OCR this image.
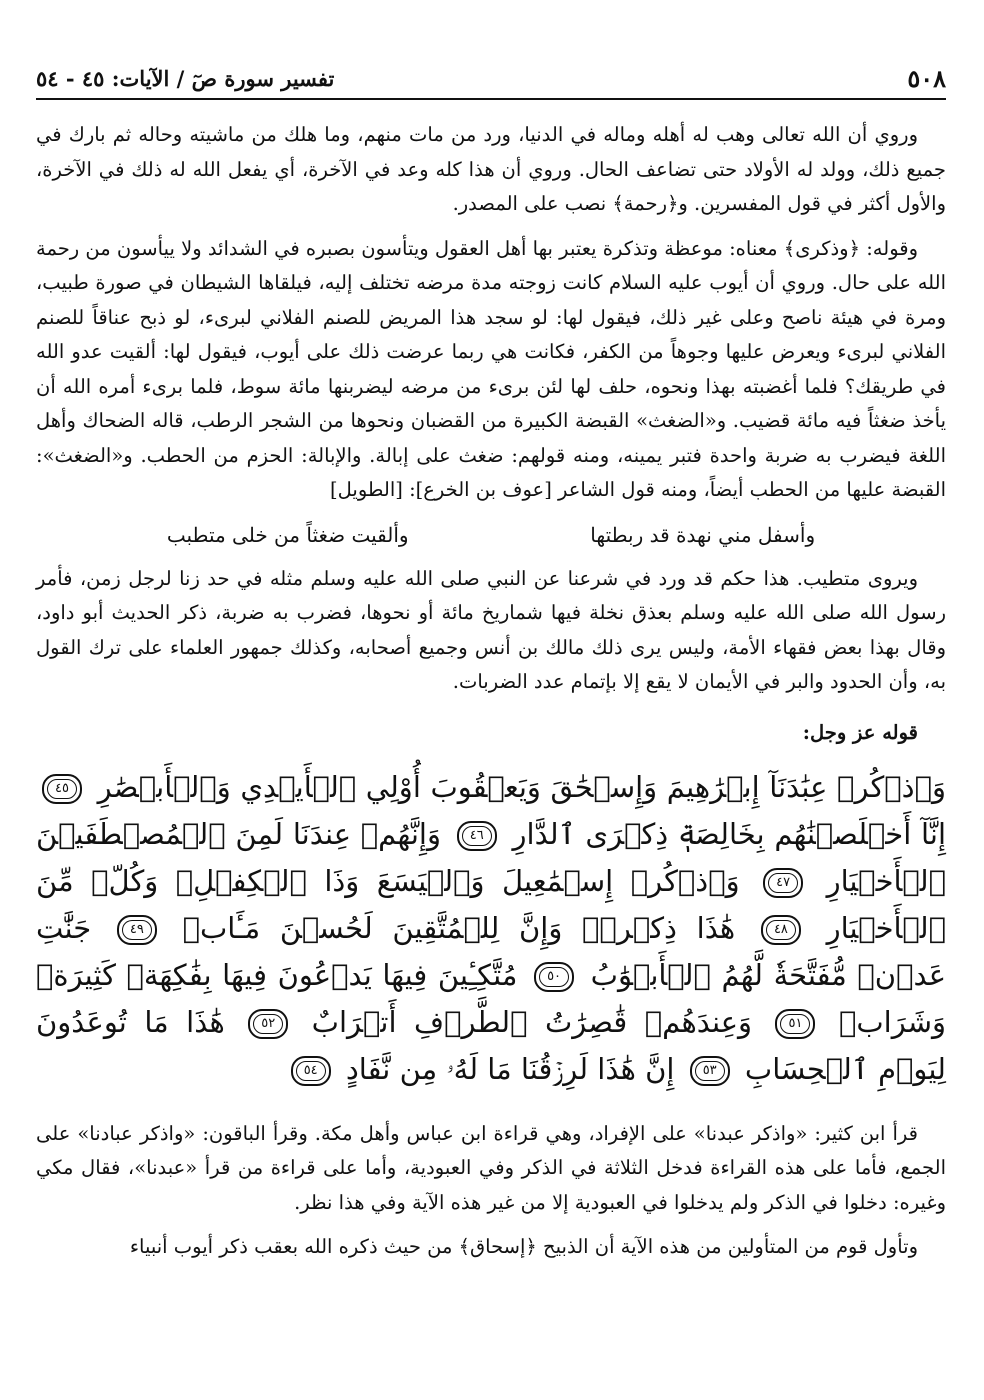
٥٠٨
تفسير سورة صٓ / الآيات: ٤٥ - ٥٤

وروي أن الله تعالى وهب له أهله وماله في الدنيا، ورد من مات منهم، وما هلك من ماشيته وحاله ثم بارك في جميع ذلك، وولد له الأولاد حتى تضاعف الحال. وروي أن هذا كله وعد في الآخرة، أي يفعل الله له ذلك في الآخرة، والأول أكثر في قول المفسرين. و﴿رحمة﴾ نصب على المصدر.

وقوله: ﴿وذكرى﴾ معناه: موعظة وتذكرة يعتبر بها أهل العقول ويتأسون بصبره في الشدائد ولا ييأسون من رحمة الله على حال. وروي أن أيوب عليه السلام كانت زوجته مدة مرضه تختلف إليه، فيلقاها الشيطان في صورة طبيب، ومرة في هيئة ناصح وعلى غير ذلك، فيقول لها: لو سجد هذا المريض للصنم الفلاني لبرىء، لو ذبح عناقاً للصنم الفلاني لبرىء ويعرض عليها وجوهاً من الكفر، فكانت هي ربما عرضت ذلك على أيوب، فيقول لها: ألقيت عدو الله في طريقك؟ فلما أغضبته بهذا ونحوه، حلف لها لئن برىء من مرضه ليضربنها مائة سوط، فلما برىء أمره الله أن يأخذ ضغثاً فيه مائة قضيب. و«الضغث» القبضة الكبيرة من القضبان ونحوها من الشجر الرطب، قاله الضحاك وأهل اللغة فيضرب به ضربة واحدة فتبر يمينه، ومنه قولهم: ضغث على إبالة. والإبالة: الحزم من الحطب. و«الضغث»: القبضة عليها من الحطب أيضاً، ومنه قول الشاعر [عوف بن الخرع]: [الطويل]

وأسفل مني نهدة قد ربطتها
وألقيت ضغثاً من خلى متطبب

ويروى متطيب. هذا حكم قد ورد في شرعنا عن النبي صلى الله عليه وسلم مثله في حد زنا لرجل زمن، فأمر رسول الله صلى الله عليه وسلم بعذق نخلة فيها شماريخ مائة أو نحوها، فضرب به ضربة، ذكر الحديث أبو داود، وقال بهذا بعض فقهاء الأمة، وليس يرى ذلك مالك بن أنس وجميع أصحابه، وكذلك جمهور العلماء على ترك القول به، وأن الحدود والبر في الأيمان لا يقع إلا بإتمام عدد الضربات.

قوله عز وجل:
وَٱذۡكُرۡ عِبَٰدَنَآ إِبۡرَٰهِيمَ وَإِسۡحَٰقَ وَيَعۡقُوبَ أُوْلِي ٱلۡأَيۡدِي وَٱلۡأَبۡصَٰرِ
٤٥
إِنَّآ أَخۡلَصۡنَٰهُم بِخَالِصَةٖ ذِكۡرَى ٱلدَّارِ
٤٦
وَإِنَّهُمۡ عِندَنَا لَمِنَ ٱلۡمُصۡطَفَيۡنَ ٱلۡأَخۡيَارِ
٤٧
وَٱذۡكُرۡ إِسۡمَٰعِيلَ وَٱلۡيَسَعَ وَذَا ٱلۡكِفۡلِۖ وَكُلّٞ مِّنَ ٱلۡأَخۡيَارِ
٤٨
هَٰذَا ذِكۡرٞۚ وَإِنَّ لِلۡمُتَّقِينَ لَحُسۡنَ مَـَٔابٖ
٤٩
جَنَّٰتِ عَدۡنٖ مُّفَتَّحَةٗ لَّهُمُ ٱلۡأَبۡوَٰبُ
٥٠
مُتَّكِـِٔينَ فِيهَا يَدۡعُونَ فِيهَا بِفَٰكِهَةٖ كَثِيرَةٖ وَشَرَابٖ
٥١
وَعِندَهُمۡ قَٰصِرَٰتُ ٱلطَّرۡفِ أَتۡرَابٌ
٥٢
هَٰذَا مَا تُوعَدُونَ لِيَوۡمِ ٱلۡحِسَابِ
٥٣
إِنَّ هَٰذَا لَرِزۡقُنَا مَا لَهُۥ مِن نَّفَادٍ
٥٤

قرأ ابن كثير: «واذكر عبدنا» على الإفراد، وهي قراءة ابن عباس وأهل مكة. وقرأ الباقون: «واذكر عبادنا» على الجمع، فأما على هذه القراءة فدخل الثلاثة في الذكر وفي العبودية، وأما على قراءة من قرأ «عبدنا»، فقال مكي وغيره: دخلوا في الذكر ولم يدخلوا في العبودية إلا من غير هذه الآية وفي هذا نظر.

وتأول قوم من المتأولين من هذه الآية أن الذبيح ﴿إسحاق﴾ من حيث ذكره الله بعقب ذكر أيوب أنبياء
